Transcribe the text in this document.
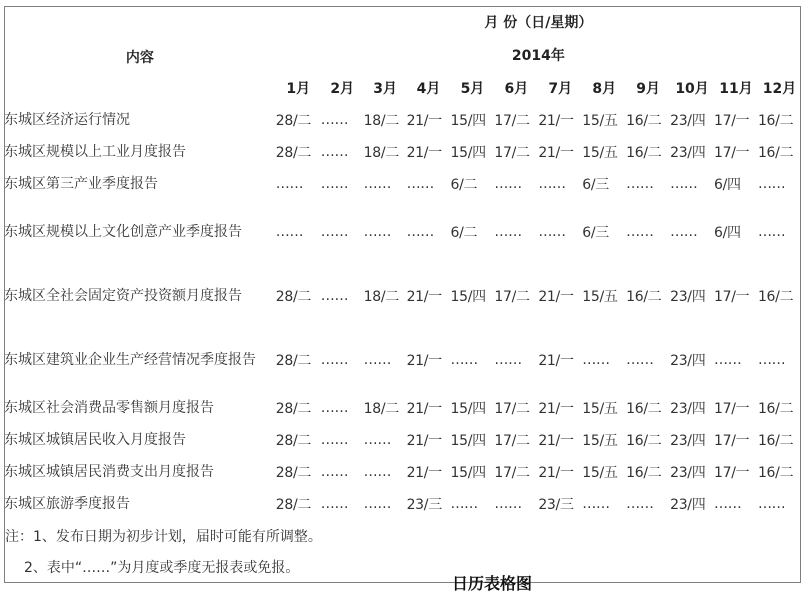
内容	月 份（日/星期）											
	2014年											
	1月	2月	3月	4月	5月	6月	7月	8月	9月	10月	11月	12月
东城区经济运行情况	28/二	……	18/二	21/一	15/四	17/二	21/一	15/五	16/二	23/四	17/一	16/二
东城区规模以上工业月度报告	28/二	……	18/二	21/一	15/四	17/二	21/一	15/五	16/二	23/四	17/一	16/二
东城区第三产业季度报告	……	……	……	……	6/二	……	……	6/三	……	……	6/四	……
东城区规模以上文化创意产业季度报告	……	……	……	……	6/二	……	……	6/三	……	……	6/四	……
东城区全社会固定资产投资额月度报告	28/二	……	18/二	21/一	15/四	17/二	21/一	15/五	16/二	23/四	17/一	16/二
东城区建筑业企业生产经营情况季度报告	28/二	……	……	21/一	……	……	21/一	……	……	23/四	……	……
东城区社会消费品零售额月度报告	28/二	……	18/二	21/一	15/四	17/二	21/一	15/五	16/二	23/四	17/一	16/二
东城区城镇居民收入月度报告	28/二	……	……	21/一	15/四	17/二	21/一	15/五	16/二	23/四	17/一	16/二
东城区城镇居民消费支出月度报告	28/二	……	……	21/一	15/四	17/二	21/一	15/五	16/二	23/四	17/一	16/二
东城区旅游季度报告	28/二	……	……	23/三	……	……	23/三	……	……	23/四	……	……
注：1、发布日期为初步计划，届时可能有所调整。
2、表中“……”为月度或季度无报表或免报。
日历表格图
